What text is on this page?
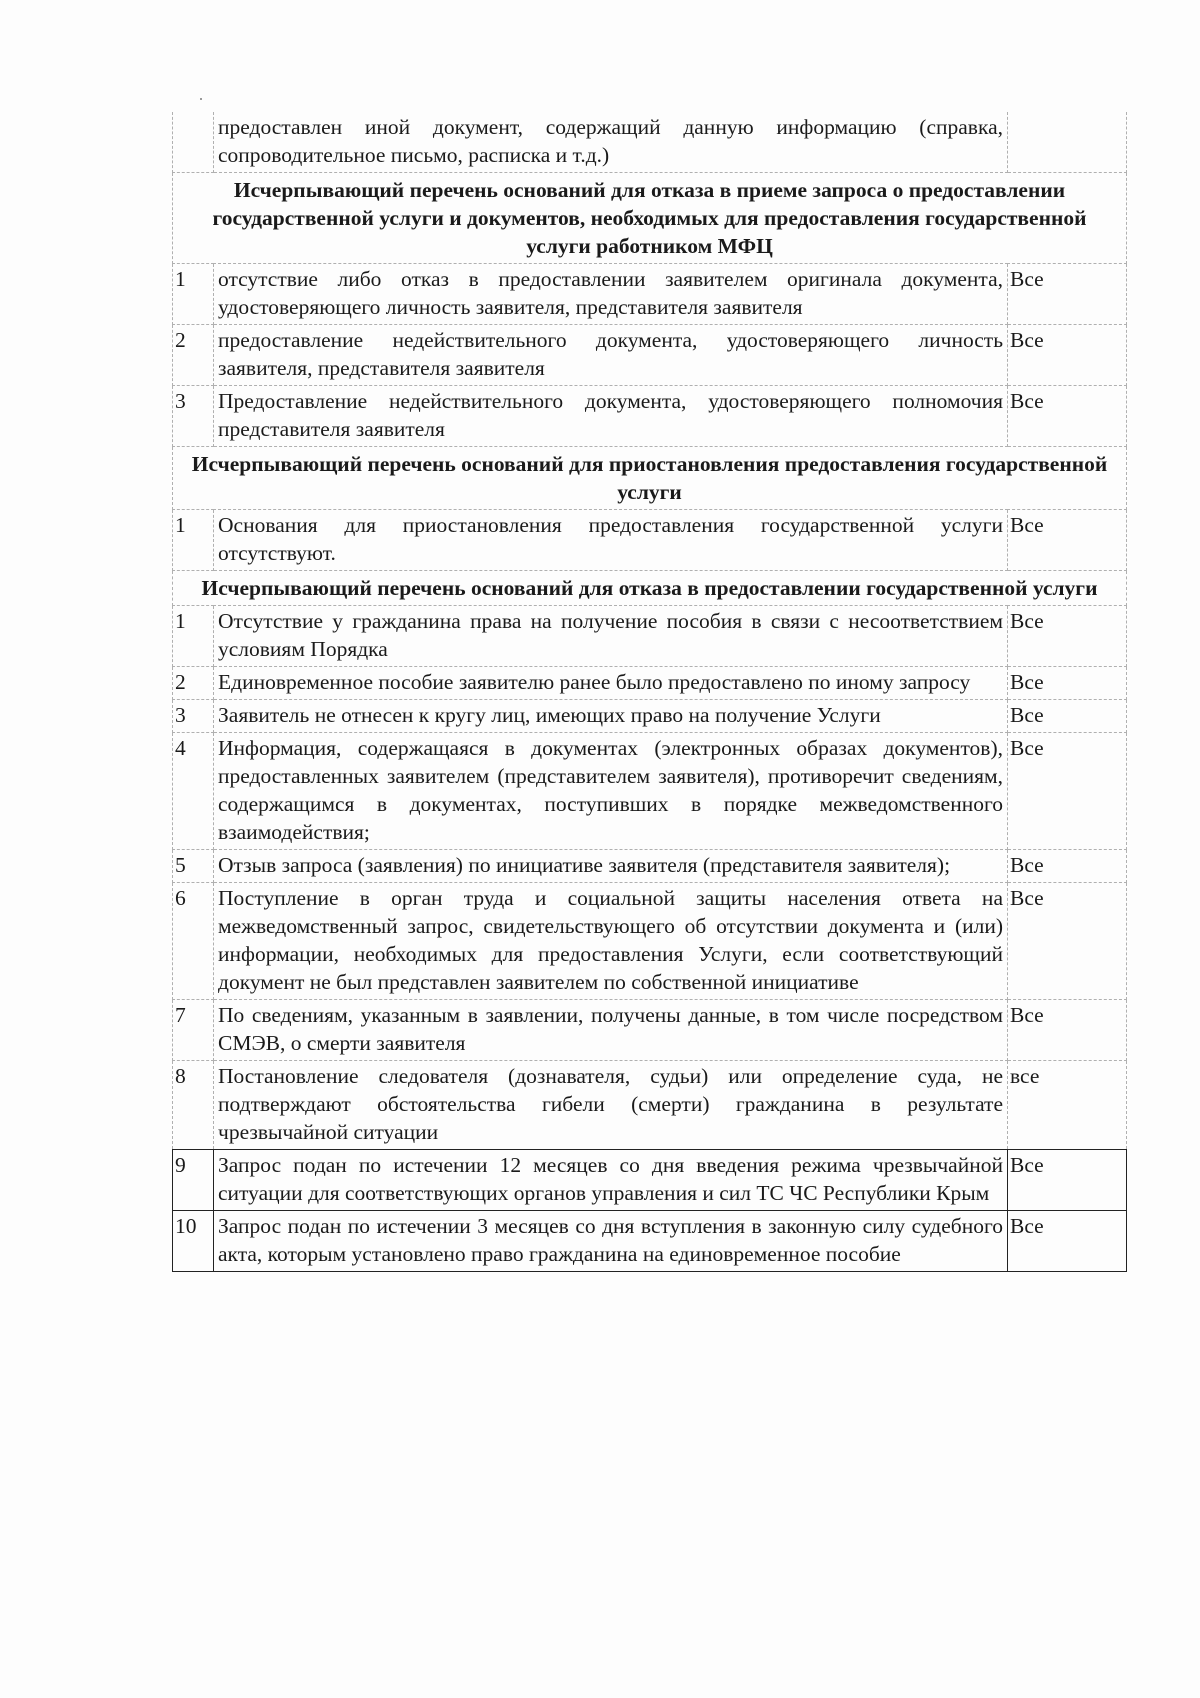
	предоставлен иной документ, содержащий данную информацию (справка, сопроводительное письмо, расписка и т.д.)	
Исчерпывающий перечень оснований для отказа в приеме запроса о предоставлении государственной услуги и документов, необходимых для предоставления государственной услуги работником МФЦ		
1	отсутствие либо отказ в предоставлении заявителем оригинала документа, удостоверяющего личность заявителя, представителя заявителя	Все
2	предоставление недействительного документа, удостоверяющего личность заявителя, представителя заявителя	Все
3	Предоставление недействительного документа, удостоверяющего полномочия представителя заявителя	Все
Исчерпывающий перечень оснований для приостановления предоставления государственной услуги		
1	Основания для приостановления предоставления государственной услуги отсутствуют.	Все
Исчерпывающий перечень оснований для отказа в предоставлении государственной услуги		
1	Отсутствие у гражданина права на получение пособия в связи с несоответствием условиям Порядка	Все
2	Единовременное пособие заявителю ранее было предоставлено по иному запросу	Все
3	Заявитель не отнесен к кругу лиц, имеющих право на получение Услуги	Все
4	Информация, содержащаяся в документах (электронных образах документов), предоставленных заявителем (представителем заявителя), противоречит сведениям, содержащимся в документах, поступивших в порядке межведомственного взаимодействия;	Все
5	Отзыв запроса (заявления) по инициативе заявителя (представителя заявителя);	Все
6	Поступление в орган труда и социальной защиты населения ответа на межведомственный запрос, свидетельствующего об отсутствии документа и (или) информации, необходимых для предоставления Услуги, если соответствующий документ не был представлен заявителем по собственной инициативе	Все
7	По сведениям, указанным в заявлении, получены данные, в том числе посредством СМЭВ, о смерти заявителя	Все
8	Постановление следователя (дознавателя, судьи) или определение суда, не подтверждают обстоятельства гибели (смерти) гражданина в результате чрезвычайной ситуации	все
9	Запрос подан по истечении 12 месяцев со дня введения режима чрезвычайной ситуации для соответствующих органов управления и сил ТС ЧС Республики Крым	Все
10	Запрос подан по истечении 3 месяцев со дня вступления в законную силу судебного акта, которым установлено право гражданина на единовременное пособие	Все
